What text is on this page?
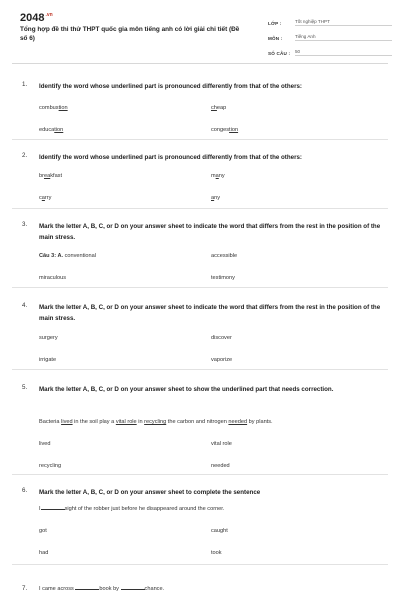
$2048^{.vn}$
Tổng hợp đề thi thử THPT quốc gia môn tiếng anh có lời giải chi tiết (Đề số 6)
LỚP :	Tốt nghiệp THPT
MÔN :	Tiếng Anh
SỐ CÂU :	50
1. Identify the word whose underlined part is pronounced differently from that of the others:
combustion	cheap
education	congestion
2. Identify the word whose underlined part is pronounced differently from that of the others:
breakfast	many
carry	any
3. Mark the letter A, B, C, or D on your answer sheet to indicate the word that differs from the rest in the position of the main stress.
Câu 3: A. conventional	accessible
miraculous	testimony
4. Mark the letter A, B, C, or D on your answer sheet to indicate the word that differs from the rest in the position of the main stress.
surgery	discover
irrigate	vaporize
5. Mark the letter A, B, C, or D on your answer sheet to show the underlined part that needs correction.
Bacteria lived in the soil play a vital role in recycling the carbon and nitrogen needed by plants.
lived	vital role
recycling	needed
6. Mark the letter A, B, C, or D on your answer sheet to complete the sentence
I	sight of the robber just before he disappeared around the corner.
got	caught
had	took
7. I came across	book by	chance.
